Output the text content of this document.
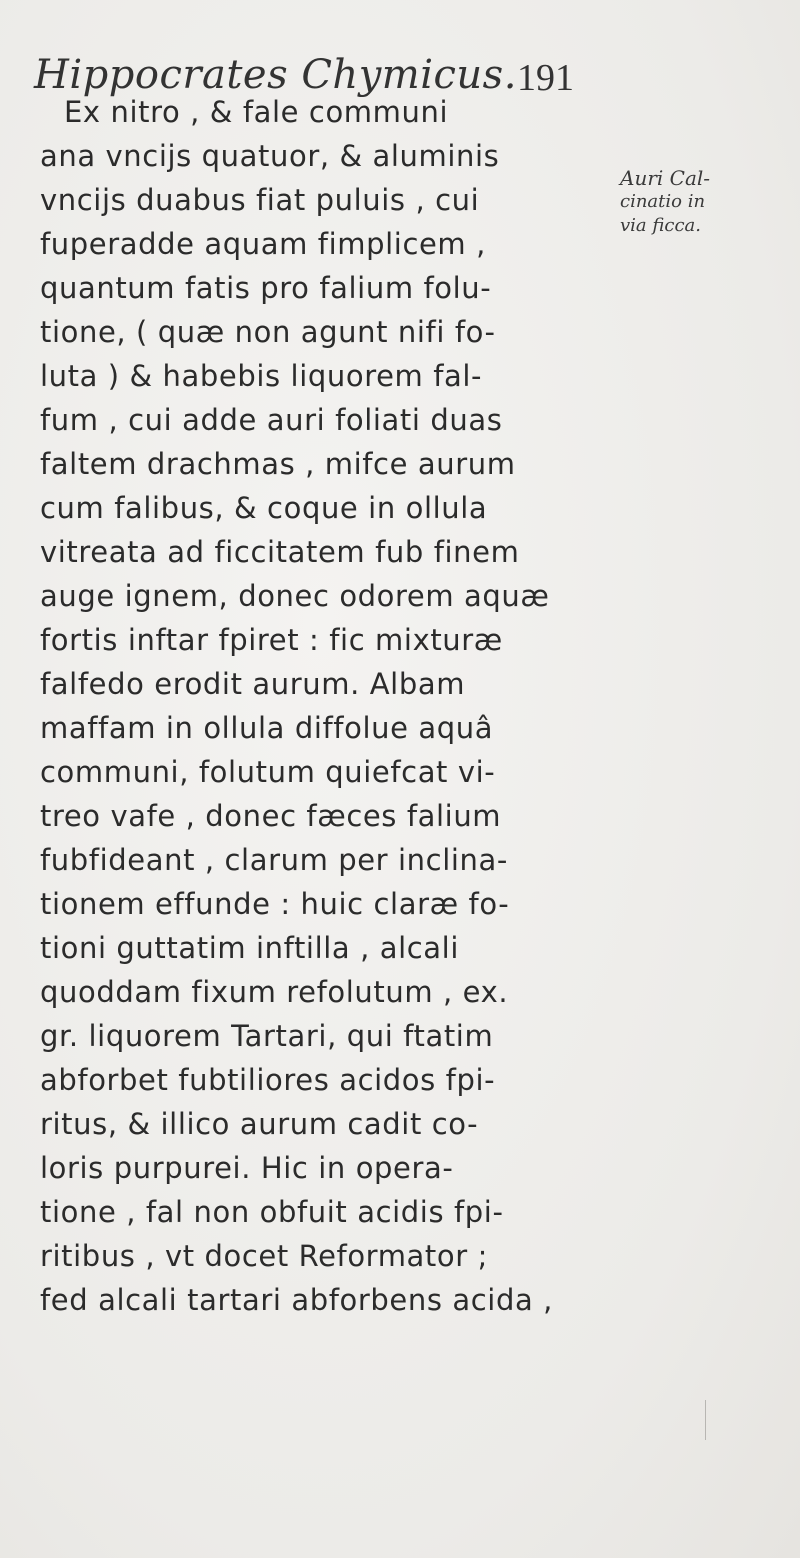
Hippocrates Chymicus. 191
Ex nitro , & fale communi
ana vncijs quatuor, & aluminis
vncijs duabus fiat puluis , cui
fuperadde aquam fimplicem ,
quantum fatis pro falium folu-
tione, ( quæ non agunt nifi fo-
luta ) & habebis liquorem fal-
fum , cui adde auri foliati duas
faltem drachmas , mifce aurum
cum falibus, & coque in ollula
vitreata ad ficcitatem fub finem
auge ignem, donec odorem aquæ
fortis inftar fpiret : fic mixturæ
falfedo erodit aurum. Albam
maffam in ollula diffolue aquâ
communi, folutum quiefcat vi-
treo vafe , donec fæces falium
fubfideant , clarum per inclina-
tionem effunde : huic claræ fo-
tioni guttatim inftilla , alcali
quoddam fixum refolutum , ex.
gr. liquorem Tartari, qui ftatim
abforbet fubtiliores acidos fpi-
ritus, & illico aurum cadit co-
loris purpurei. Hic in opera-
tione , fal non obfuit acidis fpi-
ritibus , vt docet Reformator ;
fed alcali tartari abforbens acida ,
Auri Cal-
cinatio in
via ficca.
